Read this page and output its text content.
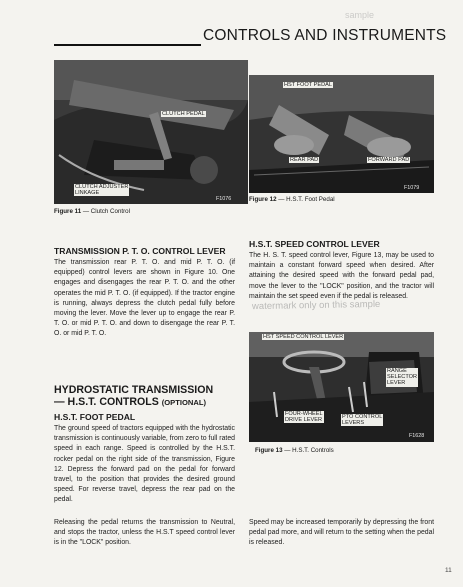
CONTROLS AND INSTRUMENTS
sample
CLUTCH PEDAL
CLUTCH ADJUSTER
LINKAGE
F1076
Figure 11 — Clutch Control
HST FOOT PEDAL
REAR PAD	FORWARD PAD
F1079
Figure 12 — H.S.T. Foot Pedal
TRANSMISSION P. T. O. CONTROL LEVER
The transmission rear P. T. O. and mid P. T. O. (if equipped) control levers are shown in Figure 10. One engages and disengages the rear P. T. O. and the other operates the mid P. T. O. (if equipped). If the tractor engine is running, always depress the clutch pedal fully before moving the lever. Move the lever up to engage the rear P. T. O. or mid P. T. O. and down to disengage the rear P. T. O. or mid P. T. O.
HYDROSTATIC TRANSMISSION
— H.S.T. CONTROLS (OPTIONAL)
H.S.T. FOOT PEDAL
The ground speed of tractors equipped with the hydrostatic transmission is continuously variable, from zero to full rated speed in each range. Speed is controlled by the H.S.T. rocker pedal on the right side of the transmission, Figure 12. Depress the forward pad on the pedal for forward travel, to the position that provides the desired ground speed. For reverse travel, depress the rear pad on the pedal.
Releasing the pedal returns the transmission to Neutral, and stops the tractor, unless the H.S.T speed control lever is in the "LOCK" position.
H.S.T. SPEED CONTROL LEVER
The H. S. T. speed control lever, Figure 13, may be used to maintain a constant forward speed when desired. After attaining the desired speed with the forward pedal pad, move the lever to the "LOCK" position, and the tractor will maintain the set speed even if the pedal is released.
watermark only on this sample
HST SPEED CONTROL LEVER
RANGE
SELECTOR
LEVER
FOUR-WHEEL
DRIVE LEVER
PTO CONTROL
LEVERS
F1628
Figure 13 — H.S.T. Controls
Speed may be increased temporarily by depressing the front pedal pad more, and will return to the setting when the pedal is released.
11
